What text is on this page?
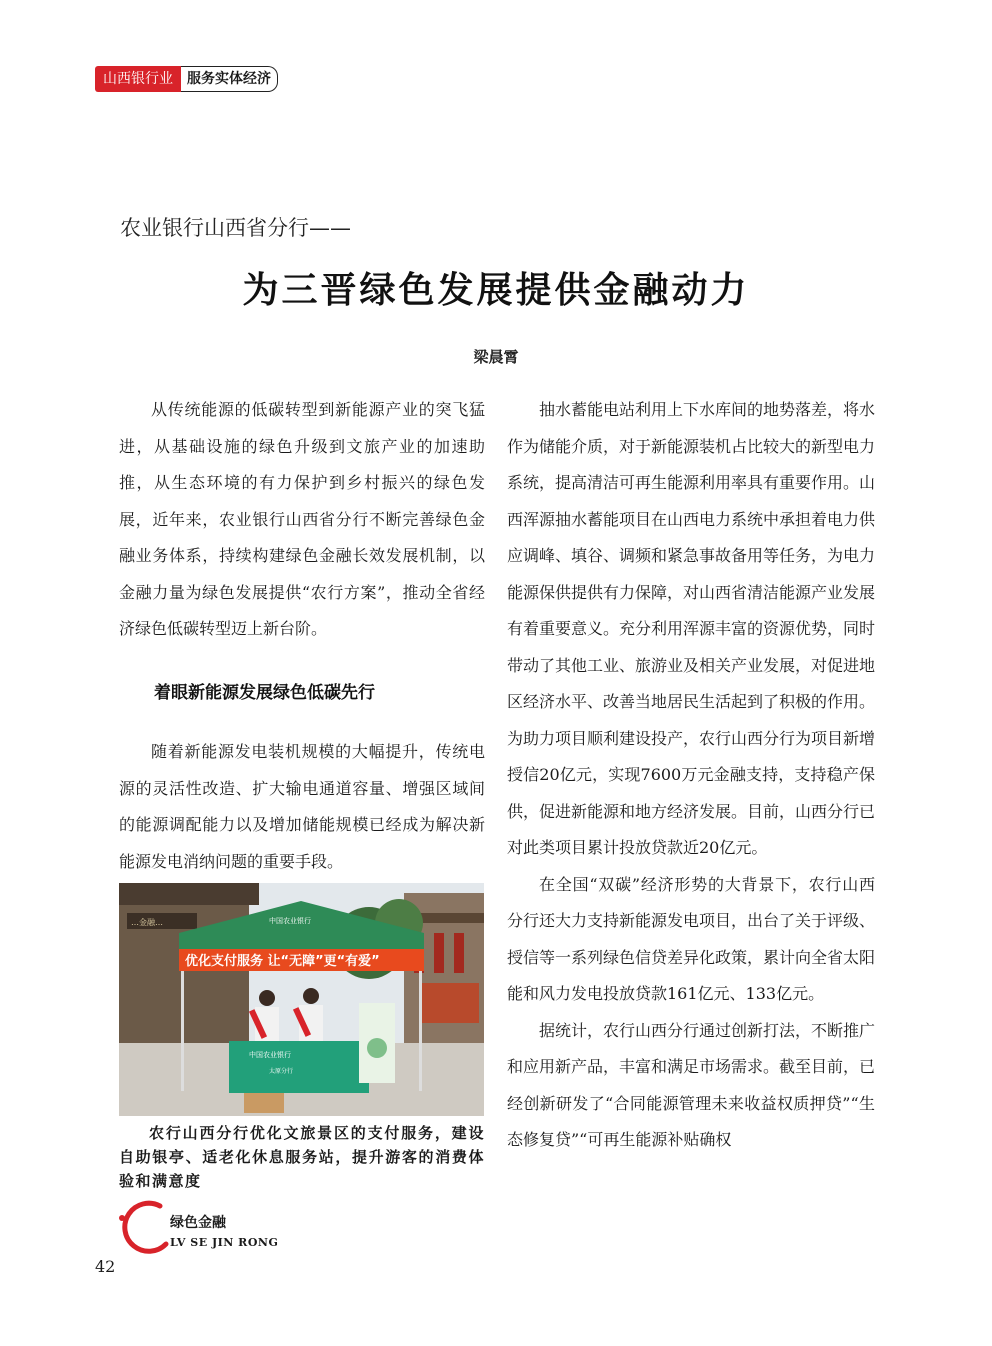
山西银行业	服务实体经济
农业银行山西省分行——
为三晋绿色发展提供金融动力
梁晨霄

从传统能源的低碳转型到新能源产业的突飞猛进，从基础设施的绿色升级到文旅产业的加速助推，从生态环境的有力保护到乡村振兴的绿色发展，近年来，农业银行山西省分行不断完善绿色金融业务体系，持续构建绿色金融长效发展机制，以金融力量为绿色发展提供“农行方案”，推动全省经济绿色低碳转型迈上新台阶。

着眼新能源发展绿色低碳先行

随着新能源发电装机规模的大幅提升，传统电源的灵活性改造、扩大输电通道容量、增强区域间的能源调配能力以及增加储能规模已经成为解决新能源发电消纳问题的重要手段。

…金融…	中国农业银行
优化支付服务 让“无障”更“有爱”
中国农业银行
太原分行
农行山西分行优化文旅景区的支付服务，建设自助银亭、适老化休息服务站，提升游客的消费体验和满意度

抽水蓄能电站利用上下水库间的地势落差，将水作为储能介质，对于新能源装机占比较大的新型电力系统，提高清洁可再生能源利用率具有重要作用。山西浑源抽水蓄能项目在山西电力系统中承担着电力供应调峰、填谷、调频和紧急事故备用等任务，为电力能源保供提供有力保障，对山西省清洁能源产业发展有着重要意义。充分利用浑源丰富的资源优势，同时带动了其他工业、旅游业及相关产业发展，对促进地区经济水平、改善当地居民生活起到了积极的作用。为助力项目顺利建设投产，农行山西分行为项目新增授信20亿元，实现7600万元金融支持，支持稳产保供，促进新能源和地方经济发展。目前，山西分行已对此类项目累计投放贷款近20亿元。

在全国“双碳”经济形势的大背景下，农行山西分行还大力支持新能源发电项目，出台了关于评级、授信等一系列绿色信贷差异化政策，累计向全省太阳能和风力发电投放贷款161亿元、133亿元。

据统计，农行山西分行通过创新打法，不断推广和应用新产品，丰富和满足市场需求。截至目前，已经创新研发了“合同能源管理未来收益权质押贷”“生态修复贷”“可再生能源补贴确权

绿色金融
LV SE JIN RONG
42
